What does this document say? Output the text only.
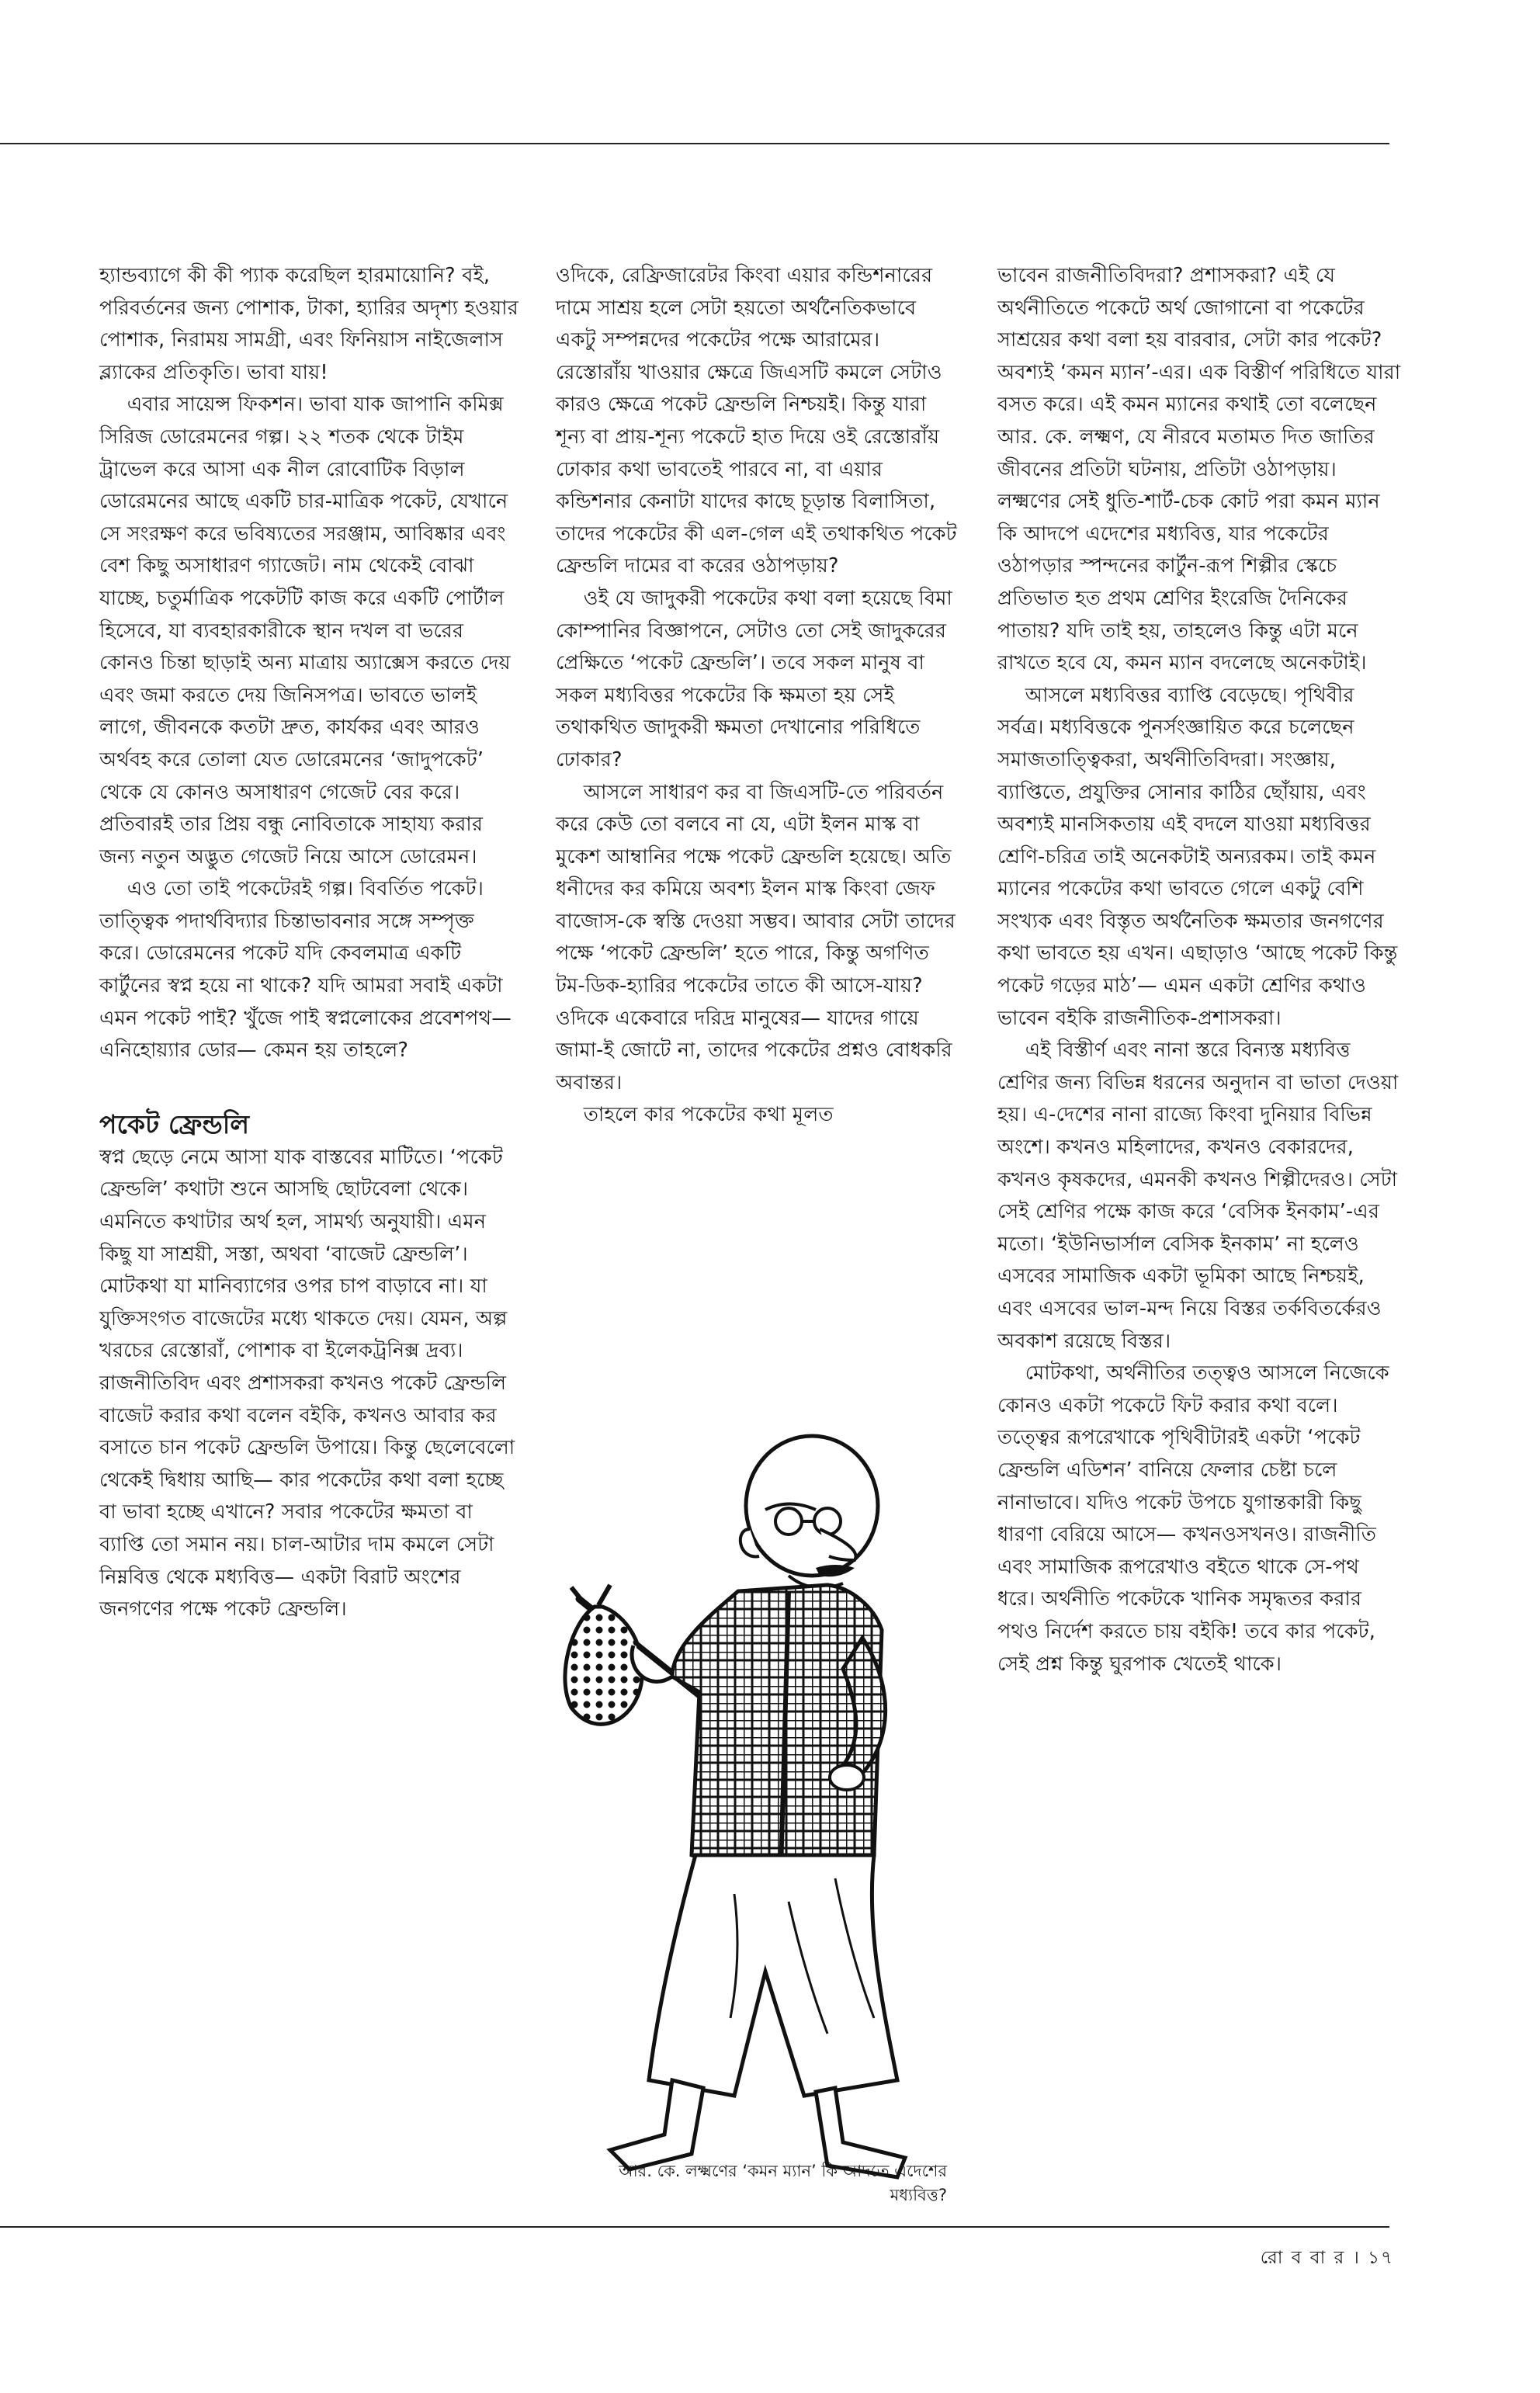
হ্যান্ডব্যাগে কী কী প্যাক করেছিল হারমায়োনি? বই, পরিবর্তনের জন্য পোশাক, টাকা, হ্যারির অদৃশ্য হওয়ার পোশাক, নিরাময় সামগ্রী, এবং ফিনিয়াস নাইজেলাস ব্ল্যাকের প্রতিকৃতি। ভাবা যায়!

এবার সায়েন্স ফিকশন। ভাবা যাক জাপানি কমিক্স সিরিজ ডোরেমনের গল্প। ২২ শতক থেকে টাইম ট্রাভেল করে আসা এক নীল রোবোটিক বিড়াল ডোরেমনের আছে একটি চার-মাত্রিক পকেট, যেখানে সে সংরক্ষণ করে ভবিষ্যতের সরঞ্জাম, আবিষ্কার এবং বেশ কিছু অসাধারণ গ্যাজেট। নাম থেকেই বোঝা যাচ্ছে, চতুর্মাত্রিক পকেটটি কাজ করে একটি পোর্টাল হিসেবে, যা ব্যবহারকারীকে স্থান দখল বা ভরের কোনও চিন্তা ছাড়াই অন্য মাত্রায় অ্যাক্সেস করতে দেয় এবং জমা করতে দেয় জিনিসপত্র। ভাবতে ভালই লাগে, জীবনকে কতটা দ্রুত, কার্যকর এবং আরও অর্থবহ করে তোলা যেত ডোরেমনের ‘জাদুপকেট’ থেকে যে কোনও অসাধারণ গেজেট বের করে। প্রতিবারই তার প্রিয় বন্ধু নোবিতাকে সাহায্য করার জন্য নতুন অদ্ভুত গেজেট নিয়ে আসে ডোরেমন।

এও তো তাই পকেটেরই গল্প। বিবর্তিত পকেট। তাত্ত্বিক পদার্থবিদ্যার চিন্তাভাবনার সঙ্গে সম্পৃক্ত করে। ডোরেমনের পকেট যদি কেবলমাত্র একটি কার্টুনের স্বপ্ন হয়ে না থাকে? যদি আমরা সবাই একটা এমন পকেট পাই? খুঁজে পাই স্বপ্নলোকের প্রবেশপথ— এনিহোয়্যার ডোর— কেমন হয় তাহলে?

পকেট ফ্রেন্ডলি

স্বপ্ন ছেড়ে নেমে আসা যাক বাস্তবের মাটিতে। ‘পকেট ফ্রেন্ডলি’ কথাটা শুনে আসছি ছোটবেলা থেকে। এমনিতে কথাটার অর্থ হল, সামর্থ্য অনুযায়ী। এমন কিছু যা সাশ্রয়ী, সস্তা, অথবা ‘বাজেট ফ্রেন্ডলি’। মোটকথা যা মানিব্যাগের ওপর চাপ বাড়াবে না। যা যুক্তিসংগত বাজেটের মধ্যে থাকতে দেয়। যেমন, অল্প খরচের রেস্তোরাঁ, পোশাক বা ইলেকট্রনিক্স দ্রব্য। রাজনীতিবিদ এবং প্রশাসকরা কখনও পকেট ফ্রেন্ডলি বাজেট করার কথা বলেন বইকি, কখনও আবার কর বসাতে চান পকেট ফ্রেন্ডলি উপায়ে। কিন্তু ছেলেবেলো থেকেই দ্বিধায় আছি— কার পকেটের কথা বলা হচ্ছে বা ভাবা হচ্ছে এখানে? সবার পকেটের ক্ষমতা বা ব্যাপ্তি তো সমান নয়। চাল-আটার দাম কমলে সেটা নিম্নবিত্ত থেকে মধ্যবিত্ত— একটা বিরাট অংশের জনগণের পক্ষে পকেট ফ্রেন্ডলি।

ওদিকে, রেফ্রিজারেটর কিংবা এয়ার কন্ডিশনারের দামে সাশ্রয় হলে সেটা হয়তো অর্থনৈতিকভাবে একটু সম্পন্নদের পকেটের পক্ষে আরামের। রেস্তোরাঁয় খাওয়ার ক্ষেত্রে জিএসটি কমলে সেটাও কারও ক্ষেত্রে পকেট ফ্রেন্ডলি নিশ্চয়ই। কিন্তু যারা শূন্য বা প্রায়-শূন্য পকেটে হাত দিয়ে ওই রেস্তোরাঁয় ঢোকার কথা ভাবতেই পারবে না, বা এয়ার কন্ডিশনার কেনাটা যাদের কাছে চূড়ান্ত বিলাসিতা, তাদের পকেটের কী এল-গেল এই তথাকথিত পকেট ফ্রেন্ডলি দামের বা করের ওঠাপড়ায়?

ওই যে জাদুকরী পকেটের কথা বলা হয়েছে বিমা কোম্পানির বিজ্ঞাপনে, সেটাও তো সেই জাদুকরের প্রেক্ষিতে ‘পকেট ফ্রেন্ডলি’। তবে সকল মানুষ বা সকল মধ্যবিত্তর পকেটের কি ক্ষমতা হয় সেই তথাকথিত জাদুকরী ক্ষমতা দেখানোর পরিধিতে ঢোকার?

আসলে সাধারণ কর বা জিএসটি-তে পরিবর্তন করে কেউ তো বলবে না যে, এটা ইলন মাস্ক বা মুকেশ আম্বানির পক্ষে পকেট ফ্রেন্ডলি হয়েছে। অতি ধনীদের কর কমিয়ে অবশ্য ইলন মাস্ক কিংবা জেফ বাজোস-কে স্বস্তি দেওয়া সম্ভব। আবার সেটা তাদের পক্ষে ‘পকেট ফ্রেন্ডলি’ হতে পারে, কিন্তু অগণিত টম-ডিক-হ্যারির পকেটের তাতে কী আসে-যায়? ওদিকে একেবারে দরিদ্র মানুষের— যাদের গায়ে জামা-ই জোটে না, তাদের পকেটের প্রশ্নও বোধকরি অবান্তর।

তাহলে কার পকেটের কথা মূলত

আর. কে. লক্ষ্মণের ‘কমন ম্যান’ কি আদতে এদেশের মধ্যবিত্ত?

ভাবেন রাজনীতিবিদরা? প্রশাসকরা? এই যে অর্থনীতিতে পকেটে অর্থ জোগানো বা পকেটের সাশ্রয়ের কথা বলা হয় বারবার, সেটা কার পকেট? অবশ্যই ‘কমন ম্যান’-এর। এক বিস্তীর্ণ পরিধিতে যারা বসত করে। এই কমন ম্যানের কথাই তো বলেছেন আর. কে. লক্ষ্মণ, যে নীরবে মতামত দিত জাতির জীবনের প্রতিটা ঘটনায়, প্রতিটা ওঠাপড়ায়। লক্ষ্মণের সেই ধুতি-শার্ট-চেক কোট পরা কমন ম্যান কি আদপে এদেশের মধ্যবিত্ত, যার পকেটের ওঠাপড়ার স্পন্দনের কার্টুন-রূপ শিল্পীর স্কেচে প্রতিভাত হত প্রথম শ্রেণির ইংরেজি দৈনিকের পাতায়? যদি তাই হয়, তাহলেও কিন্তু এটা মনে রাখতে হবে যে, কমন ম্যান বদলেছে অনেকটাই।

আসলে মধ্যবিত্তর ব্যাপ্তি বেড়েছে। পৃথিবীর সর্বত্র। মধ্যবিত্তকে পুনর্সংজ্ঞায়িত করে চলেছেন সমাজতাত্ত্বিকরা, অর্থনীতিবিদরা। সংজ্ঞায়, ব্যাপ্তিতে, প্রযুক্তির সোনার কাঠির ছোঁয়ায়, এবং অবশ্যই মানসিকতায় এই বদলে যাওয়া মধ্যবিত্তর শ্রেণি-চরিত্র তাই অনেকটাই অন্যরকম। তাই কমন ম্যানের পকেটের কথা ভাবতে গেলে একটু বেশি সংখ্যক এবং বিস্তৃত অর্থনৈতিক ক্ষমতার জনগণের কথা ভাবতে হয় এখন। এছাড়াও ‘আছে পকেট কিন্তু পকেট গড়ের মাঠ’— এমন একটা শ্রেণির কথাও ভাবেন বইকি রাজনীতিক-প্রশাসকরা।

এই বিস্তীর্ণ এবং নানা স্তরে বিন্যস্ত মধ্যবিত্ত শ্রেণির জন্য বিভিন্ন ধরনের অনুদান বা ভাতা দেওয়া হয়। এ-দেশের নানা রাজ্যে কিংবা দুনিয়ার বিভিন্ন অংশে। কখনও মহিলাদের, কখনও বেকারদের, কখনও কৃষকদের, এমনকী কখনও শিল্পীদেরও। সেটা সেই শ্রেণির পক্ষে কাজ করে ‘বেসিক ইনকাম’-এর মতো। ‘ইউনিভার্সাল বেসিক ইনকাম’ না হলেও এসবের সামাজিক একটা ভূমিকা আছে নিশ্চয়ই, এবং এসবের ভাল-মন্দ নিয়ে বিস্তর তর্কবিতর্কেরও অবকাশ রয়েছে বিস্তর।

মোটকথা, অর্থনীতির তত্ত্বও আসলে নিজেকে কোনও একটা পকেটে ফিট করার কথা বলে। তত্ত্বের রূপরেখাকে পৃথিবীটারই একটা ‘পকেট ফ্রেন্ডলি এডিশন’ বানিয়ে ফেলার চেষ্টা চলে নানাভাবে। যদিও পকেট উপচে যুগান্তকারী কিছু ধারণা বেরিয়ে আসে— কখনওসখনও। রাজনীতি এবং সামাজিক রূপরেখাও বইতে থাকে সে-পথ ধরে। অর্থনীতি পকেটকে খানিক সমৃদ্ধতর করার পথও নির্দেশ করতে চায় বইকি! তবে কার পকেট, সেই প্রশ্ন কিন্তু ঘুরপাক খেতেই থাকে।

রো ব বা র । ১৭
